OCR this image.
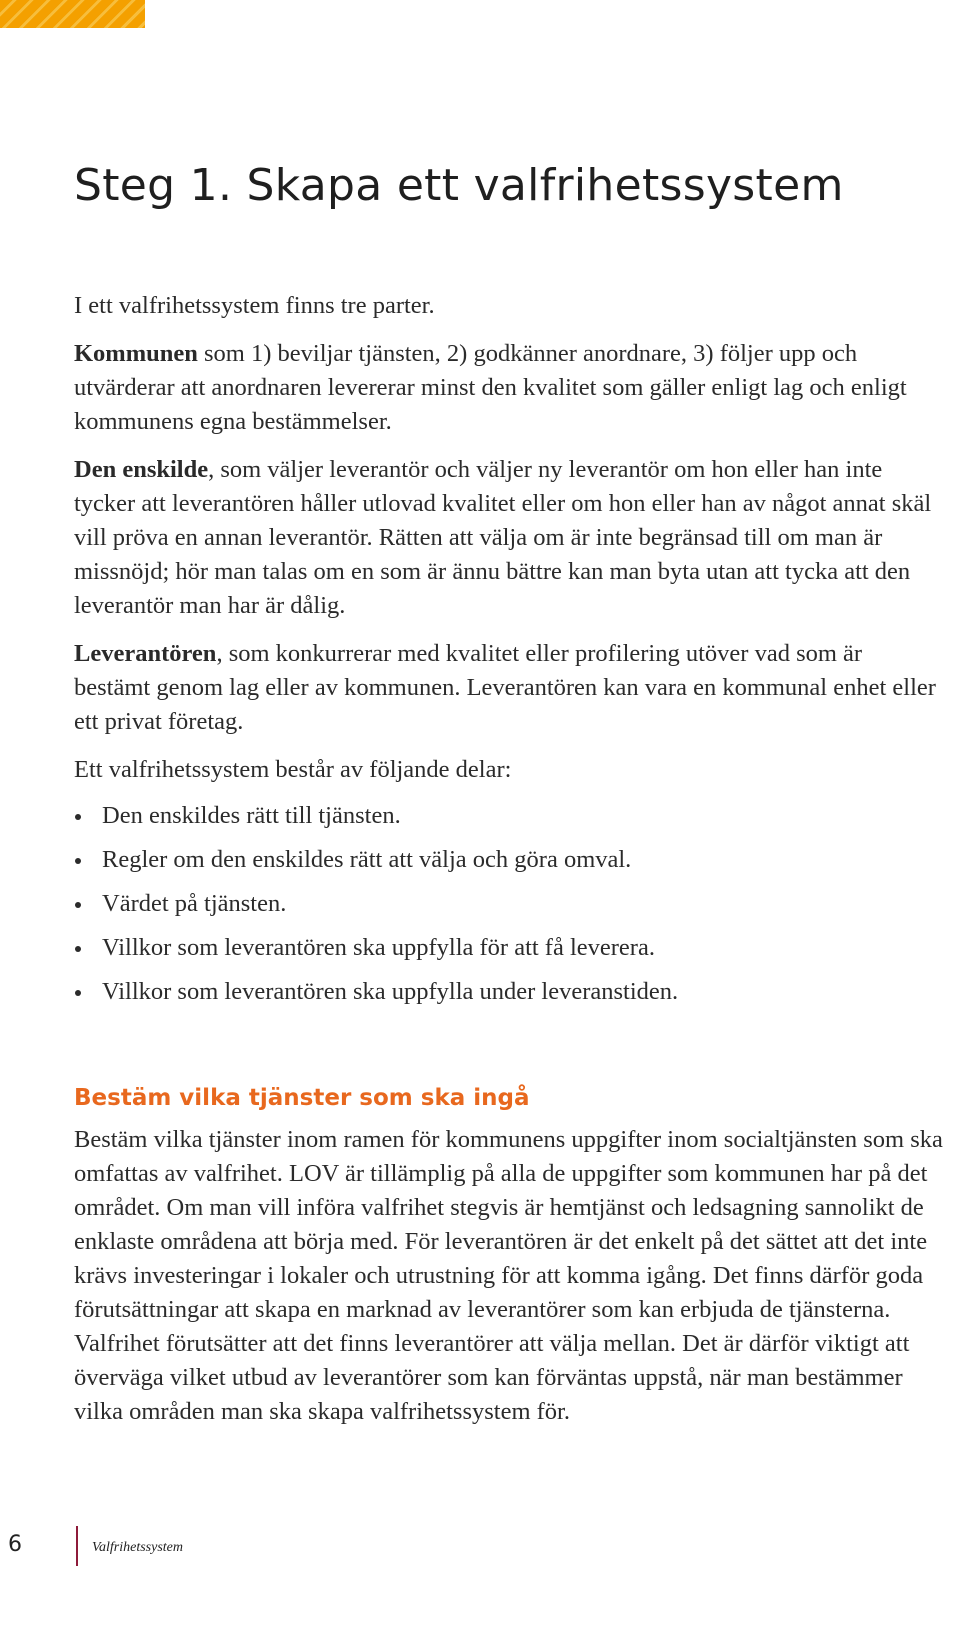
Steg 1. Skapa ett valfrihetssystem

I ett valfrihetssystem finns tre parter.

Kommunen som 1) beviljar tjänsten, 2) godkänner anordnare, 3) följer upp och utvärderar att anordnaren levererar minst den kvalitet som gäller enligt lag och enligt kommunens egna bestämmelser.

Den enskilde, som väljer leverantör och väljer ny leverantör om hon eller han inte tycker att leverantören håller utlovad kvalitet eller om hon eller han av något annat skäl vill pröva en annan leverantör. Rätten att välja om är inte begränsad till om man är missnöjd; hör man talas om en som är ännu bättre kan man byta utan att tycka att den leverantör man har är dålig.

Leverantören, som konkurrerar med kvalitet eller profilering utöver vad som är bestämt genom lag eller av kommunen. Leverantören kan vara en kommunal enhet eller ett privat företag.

Ett valfrihetssystem består av följande delar:

Den enskildes rätt till tjänsten.
Regler om den enskildes rätt att välja och göra omval.
Värdet på tjänsten.
Villkor som leverantören ska uppfylla för att få leverera.
Villkor som leverantören ska uppfylla under leveranstiden.
Bestäm vilka tjänster som ska ingå

Bestäm vilka tjänster inom ramen för kommunens uppgifter inom socialtjänsten som ska omfattas av valfrihet. LOV är tillämplig på alla de uppgifter som kommunen har på det området. Om man vill införa valfrihet stegvis är hemtjänst och ledsagning sannolikt de enklaste områdena att börja med. För leverantören är det enkelt på det sättet att det inte krävs investeringar i lokaler och utrustning för att komma igång. Det finns därför goda förutsättningar att skapa en marknad av leverantörer som kan erbjuda de tjänsterna. Valfrihet förutsätter att det finns leverantörer att välja mellan. Det är därför viktigt att överväga vilket utbud av leverantörer som kan förväntas uppstå, när man bestämmer vilka områden man ska skapa valfrihetssystem för.

6	Valfrihetssystem
